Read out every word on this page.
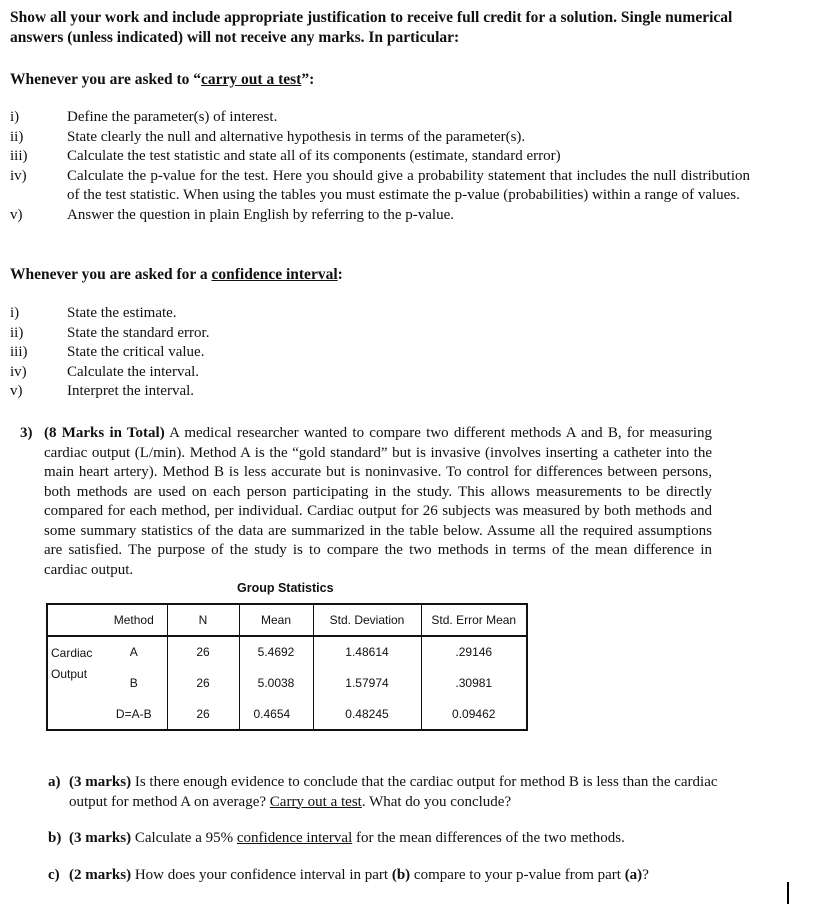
Show all your work and include appropriate justification to receive full credit for a solution. Single numerical answers (unless indicated) will not receive any marks. In particular:
Whenever you are asked to “carry out a test”:
i)	Define the parameter(s) of interest.
ii)	State clearly the null and alternative hypothesis in terms of the parameter(s).
iii)	Calculate the test statistic and state all of its components (estimate, standard error)
iv)	Calculate the p-value for the test. Here you should give a probability statement that includes the null distribution of the test statistic. When using the tables you must estimate the p-value (probabilities) within a range of values.
v)	Answer the question in plain English by referring to the p-value.
Whenever you are asked for a confidence interval:
i)	State the estimate.
ii)	State the standard error.
iii)	State the critical value.
iv)	Calculate the interval.
v)	Interpret the interval.
3) (8 Marks in Total) A medical researcher wanted to compare two different methods A and B, for measuring cardiac output (L/min). Method A is the “gold standard” but is invasive (involves inserting a catheter into the main heart artery). Method B is less accurate but is noninvasive. To control for differences between persons, both methods are used on each person participating in the study. This allows measurements to be directly compared for each method, per individual. Cardiac output for 26 subjects was measured by both methods and some summary statistics of the data are summarized in the table below. Assume all the required assumptions are satisfied. The purpose of the study is to compare the two methods in terms of the mean difference in cardiac output.
Group Statistics
	Method	N	Mean	Std. Deviation	Std. Error Mean

Cardiac
Output	A	26	5.4692	1.48614	.29146
	B	26	5.0038	1.57974	.30981
	D=A-B	26	0.4654	0.48245	0.09462
a) (3 marks) Is there enough evidence to conclude that the cardiac output for method B is less than the cardiac output for method A on average? Carry out a test. What do you conclude?
b) (3 marks) Calculate a 95% confidence interval for the mean differences of the two methods.
c) (2 marks) How does your confidence interval in part (b) compare to your p-value from part (a)?
